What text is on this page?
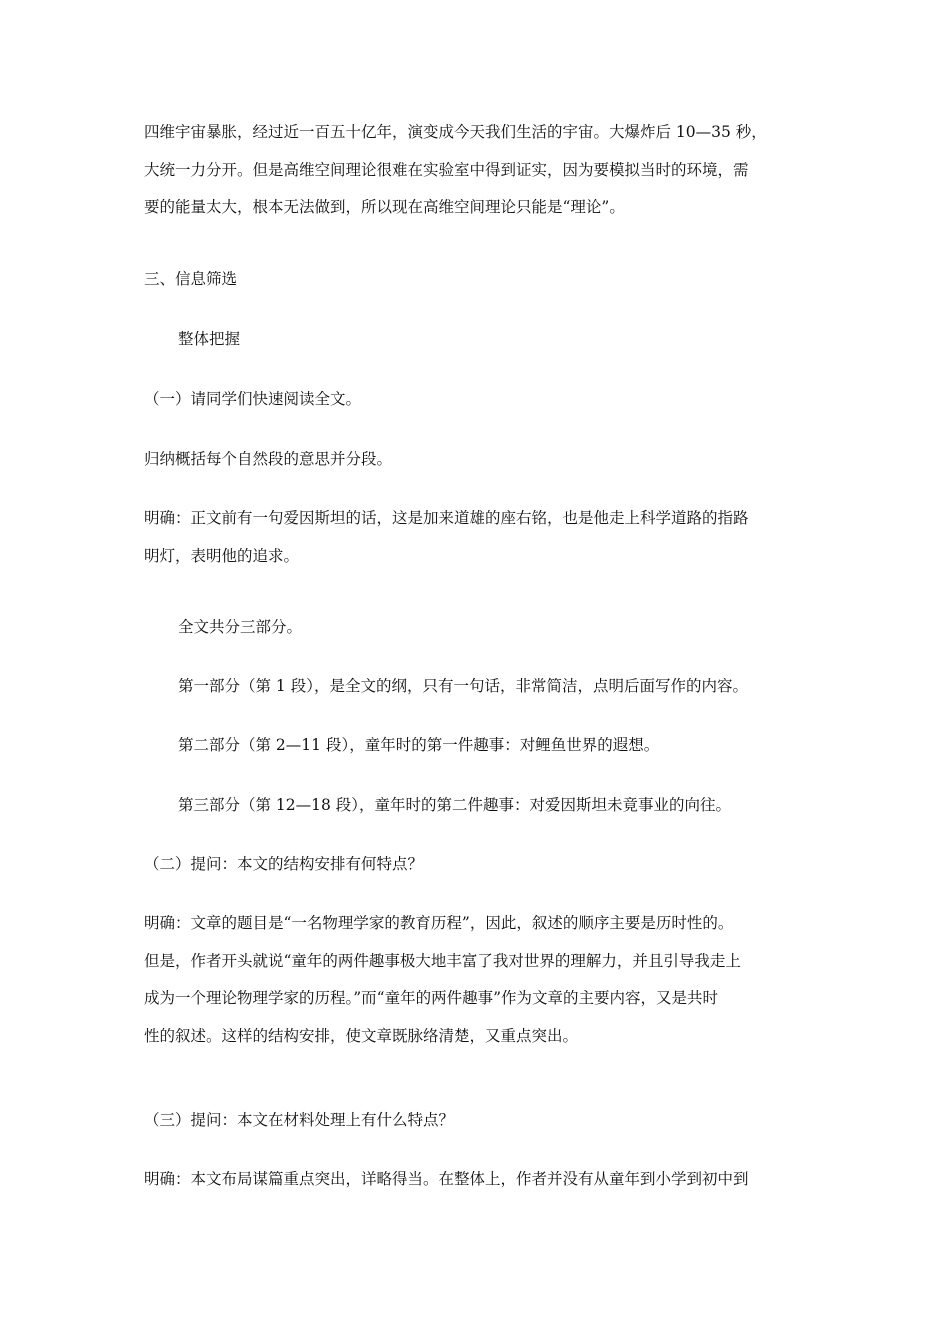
四维宇宙暴胀，经过近一百五十亿年，演变成今天我们生活的宇宙。大爆炸后 10—35 秒，
大统一力分开。但是高维空间理论很难在实验室中得到证实，因为要模拟当时的环境，需
要的能量太大，根本无法做到，所以现在高维空间理论只能是“理论”。

三、信息筛选

整体把握

（一）请同学们快速阅读全文。

归纳概括每个自然段的意思并分段。

明确：正文前有一句爱因斯坦的话，这是加来道雄的座右铭，也是他走上科学道路的指路
明灯，表明他的追求。

全文共分三部分。

第一部分（第 1 段），是全文的纲，只有一句话，非常简洁，点明后面写作的内容。

第二部分（第 2—11 段），童年时的第一件趣事：对鲤鱼世界的遐想。

第三部分（第 12—18 段），童年时的第二件趣事：对爱因斯坦未竟事业的向往。

（二）提问：本文的结构安排有何特点？

明确：文章的题目是“一名物理学家的教育历程”，因此，叙述的顺序主要是历时性的。
但是，作者开头就说“童年的两件趣事极大地丰富了我对世界的理解力，并且引导我走上
成为一个理论物理学家的历程。”而“童年的两件趣事”作为文章的主要内容，又是共时
性的叙述。这样的结构安排，使文章既脉络清楚，又重点突出。

（三）提问：本文在材料处理上有什么特点？

明确：本文布局谋篇重点突出，详略得当。在整体上，作者并没有从童年到小学到初中到
